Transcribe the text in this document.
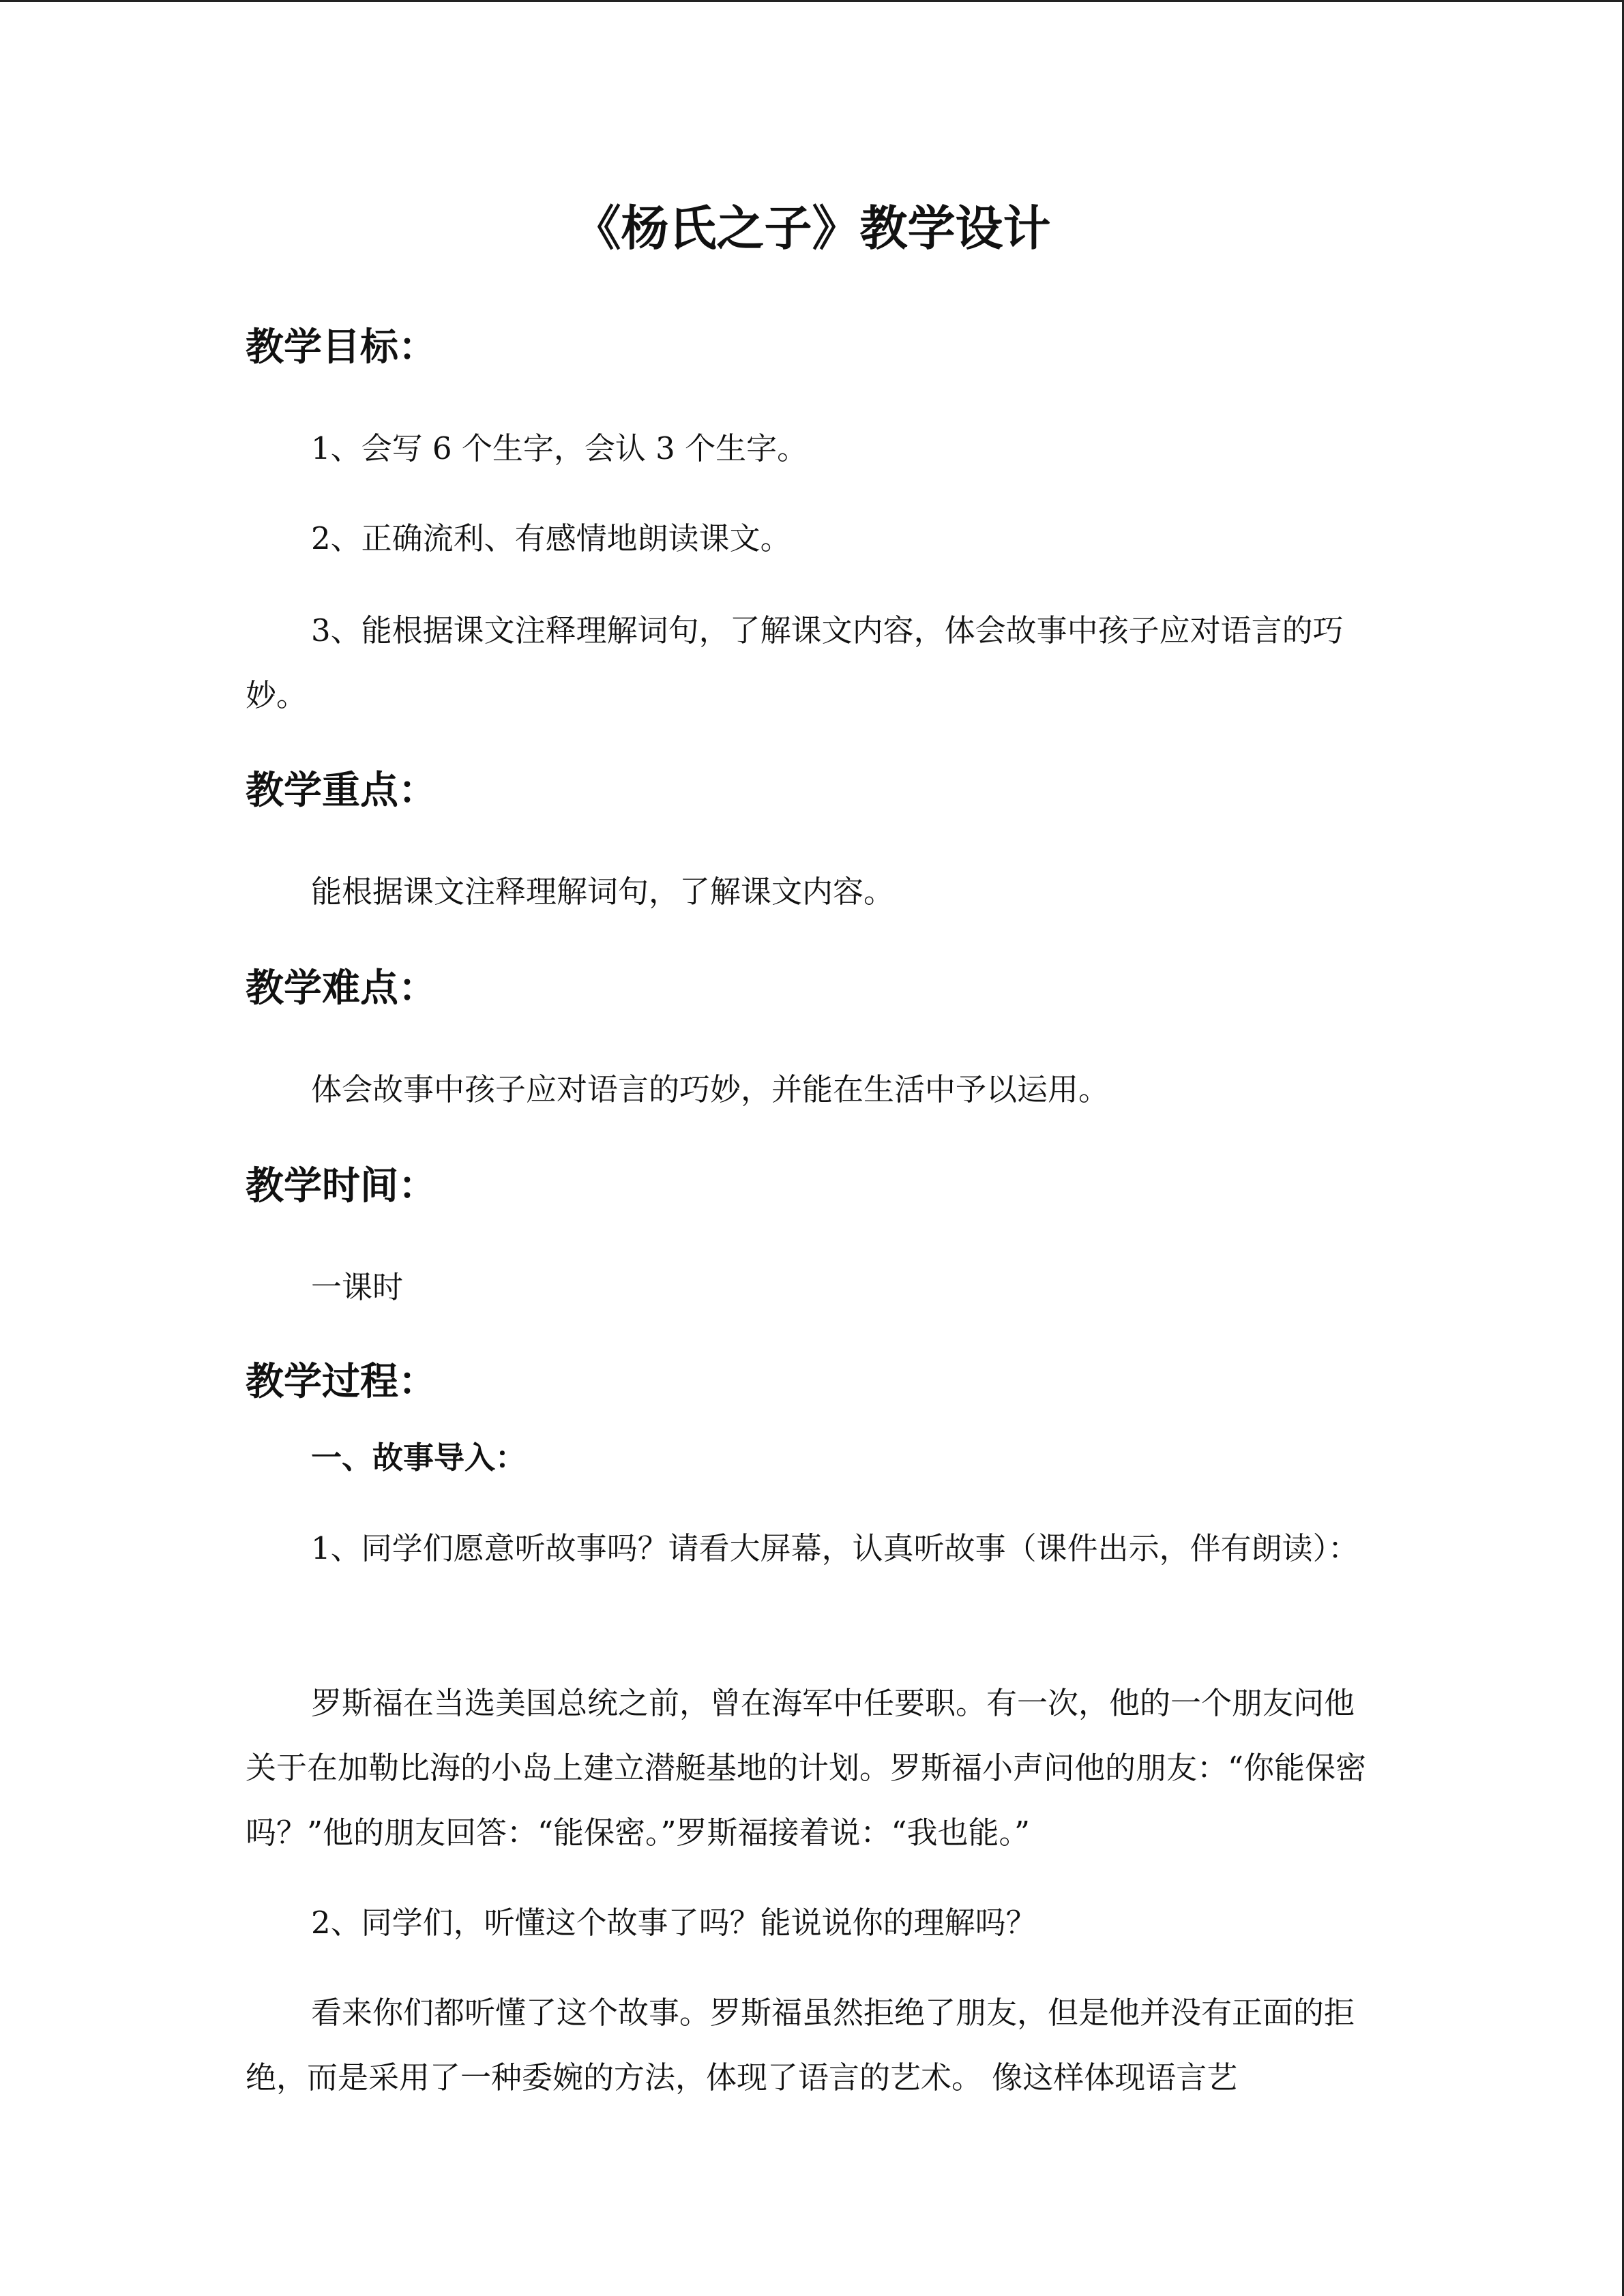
《杨氏之子》教学设计
教学目标：

1、会写 6 个生字，会认 3 个生字。

2、正确流利、有感情地朗读课文。

3、能根据课文注释理解词句，了解课文内容，体会故事中孩子应对语言的巧妙。

教学重点：

能根据课文注释理解词句，了解课文内容。

教学难点：

体会故事中孩子应对语言的巧妙，并能在生活中予以运用。

教学时间：

一课时

教学过程：

一、故事导入：

1、同学们愿意听故事吗？请看大屏幕，认真听故事（课件出示，伴有朗读）：

罗斯福在当选美国总统之前，曾在海军中任要职。有一次，他的一个朋友问他关于在加勒比海的小岛上建立潜艇基地的计划。罗斯福小声问他的朋友：“你能保密吗？”他的朋友回答：“能保密。”罗斯福接着说：“我也能。”

2、同学们，听懂这个故事了吗？能说说你的理解吗？

看来你们都听懂了这个故事。罗斯福虽然拒绝了朋友，但是他并没有正面的拒绝，而是采用了一种委婉的方法，体现了语言的艺术。 像这样体现语言艺
